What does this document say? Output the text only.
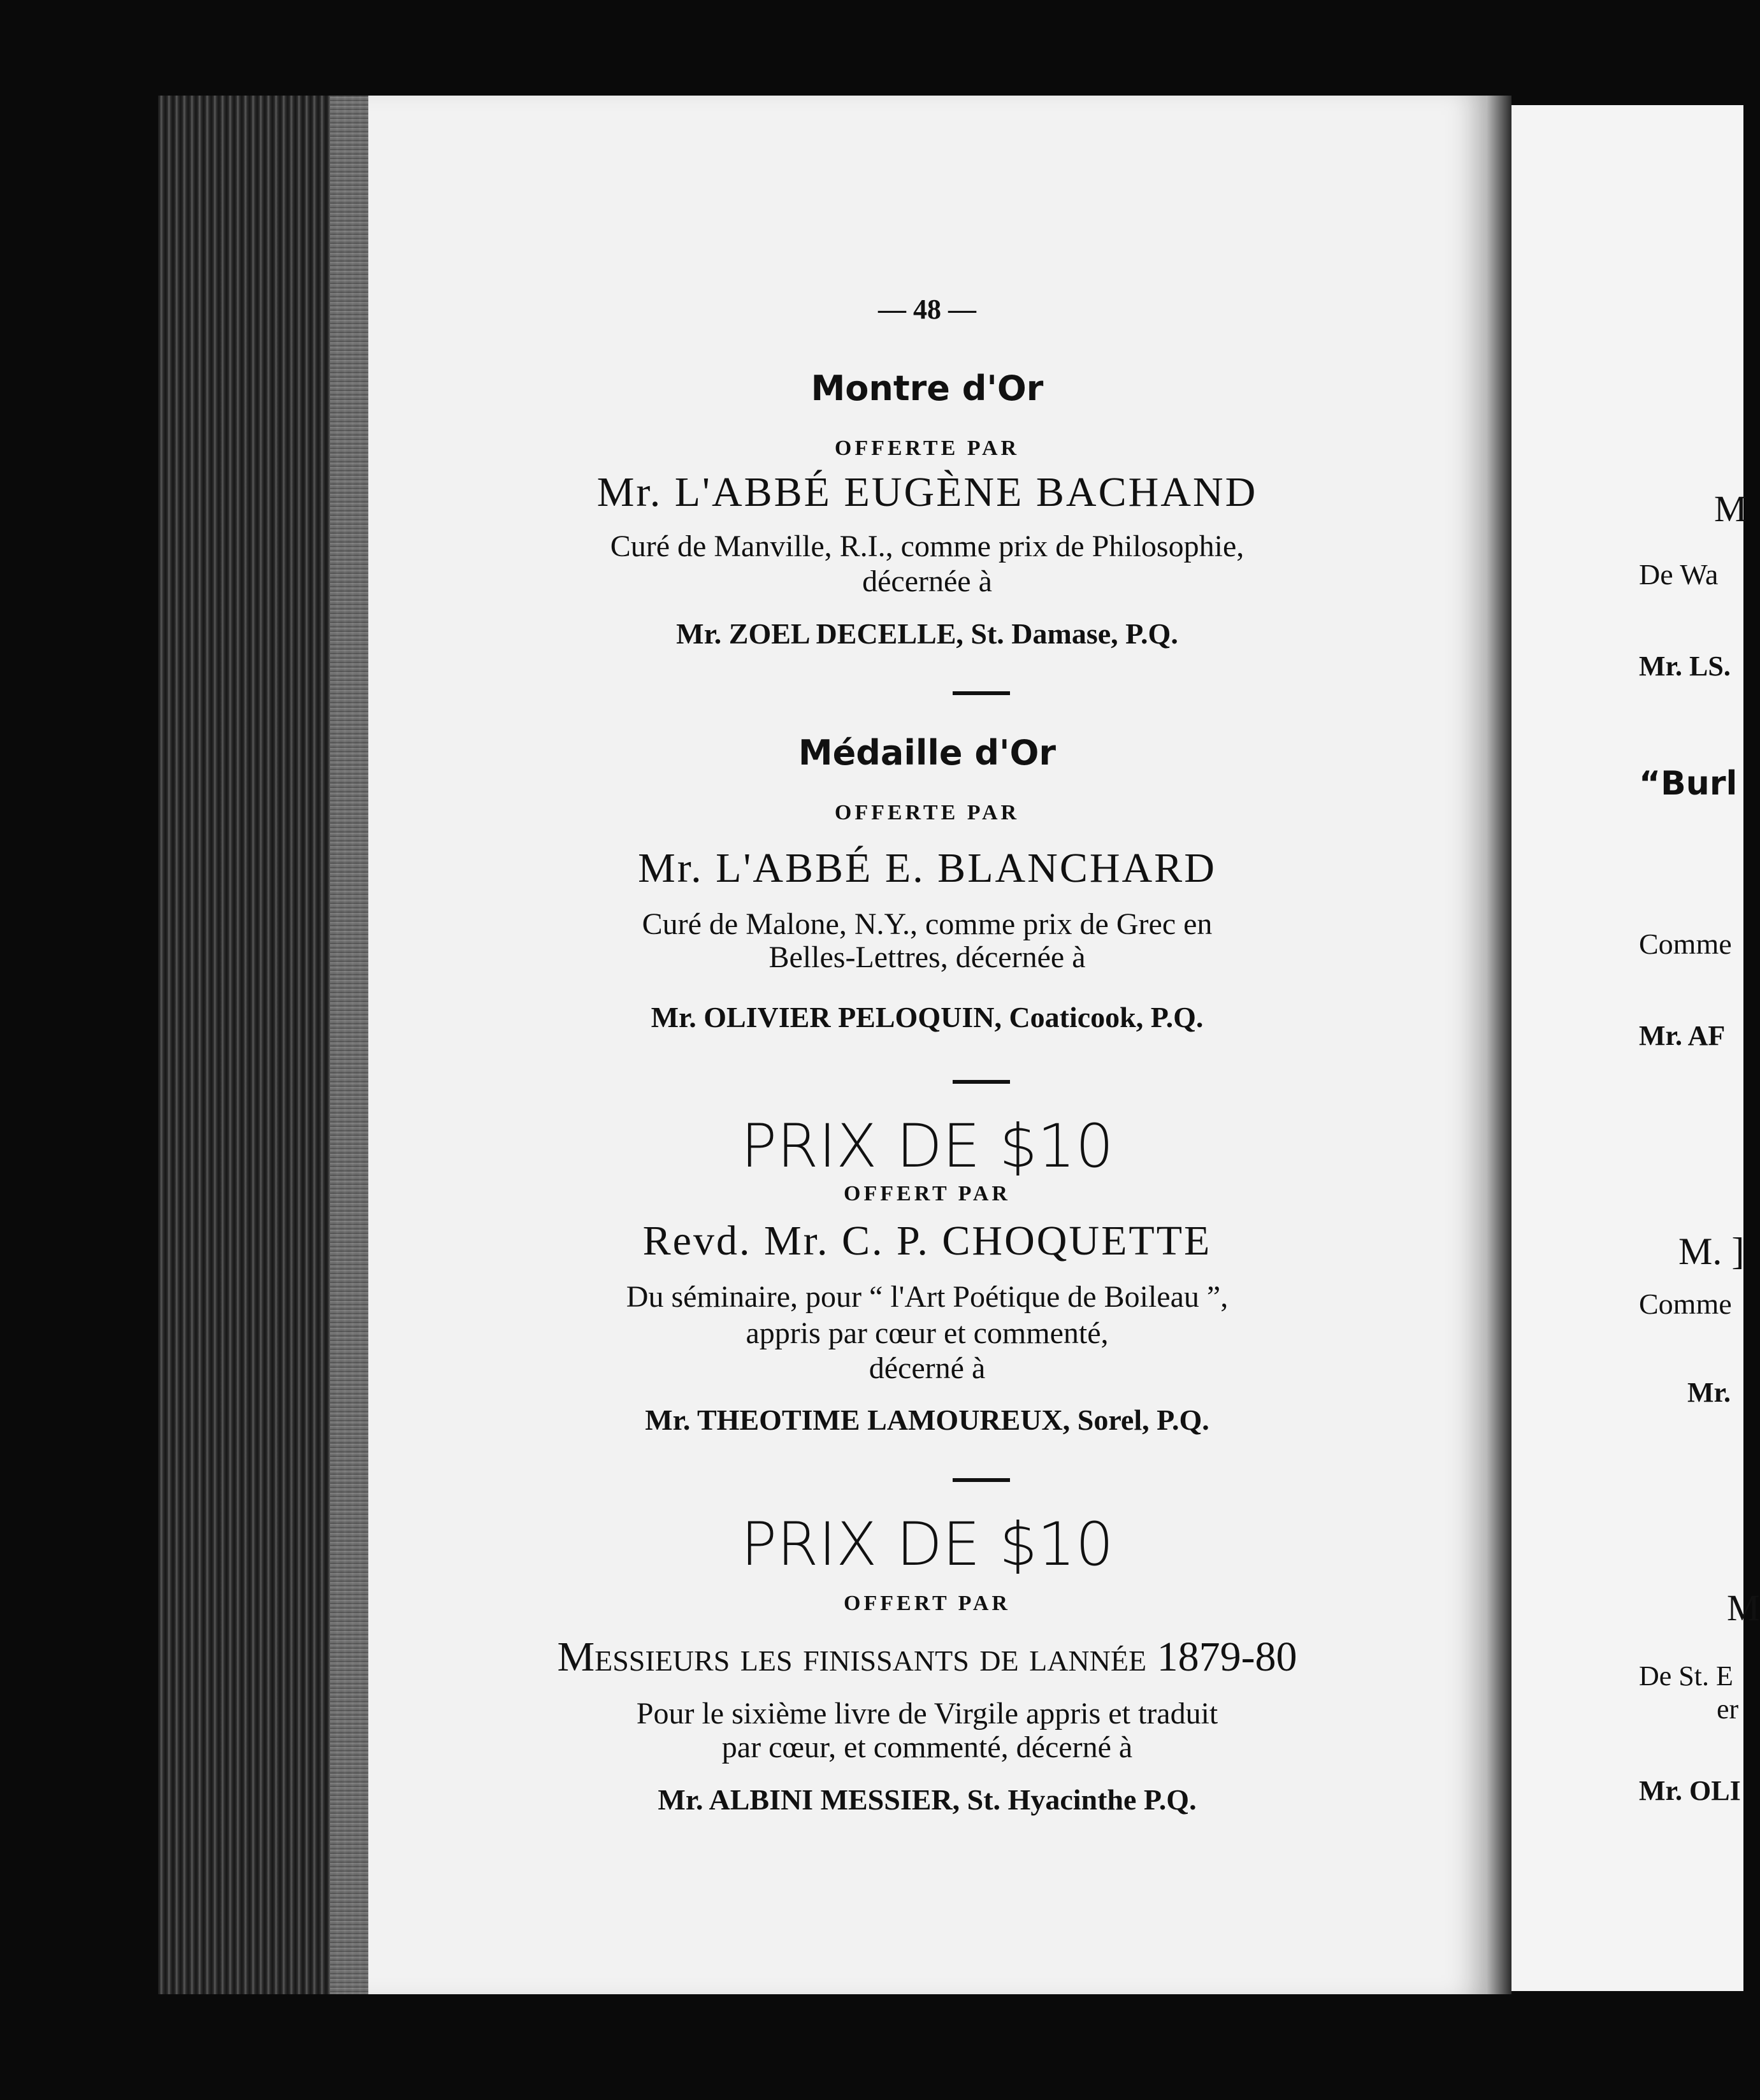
— 48 —
Montre d'Or
OFFERTE PAR
Mr. L'ABBÉ EUGÈNE BACHAND
Curé de Manville, R.I., comme prix de Philosophie,
décernée à
Mr. ZOEL DECELLE, St. Damase, P.Q.
Médaille d'Or
OFFERTE PAR
Mr. L'ABBÉ E. BLANCHARD
Curé de Malone, N.Y., comme prix de Grec en
Belles-Lettres, décernée à
Mr. OLIVIER PELOQUIN, Coaticook, P.Q.
PRIX DE $10
OFFERT PAR
Revd. Mr. C. P. CHOQUETTE
Du séminaire, pour “ l'Art Poétique de Boileau ”,
appris par cœur et commenté,
décerné à
Mr. THEOTIME LAMOUREUX, Sorel, P.Q.
PRIX DE $10
OFFERT PAR
Messieurs les finissants de lannée 1879-80
Pour le sixième livre de Virgile appris et traduit
par cœur, et commenté, décerné à
Mr. ALBINI MESSIER, St. Hyacinthe P.Q.
M
De Wa
Mr. LS.
“Burl
Comme
Mr. AF
M. ]
Comme
Mr.
M
De St. E
er
Mr. OLI
